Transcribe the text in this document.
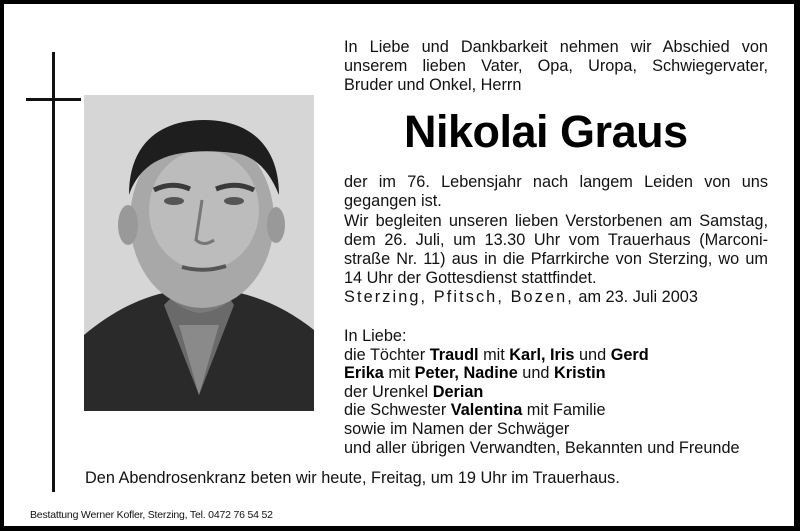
In Liebe und Dankbarkeit nehmen wir Abschied von
unserem lieben Vater, Opa, Uropa, Schwiegervater,
Bruder und Onkel, Herrn
Nikolai Graus
der im 76. Lebensjahr nach langem Leiden von uns
gegangen ist.
Wir begleiten unseren lieben Verstorbenen am Samstag,
dem 26. Juli, um 13.30 Uhr vom Trauerhaus (Marconi-
straße Nr. 11) aus in die Pfarrkirche von Sterzing, wo um
14 Uhr der Gottesdienst stattfindet.
Sterzing, Pfitsch, Bozen, am 23. Juli 2003
In Liebe:
die Töchter Traudl mit Karl, Iris und Gerd
Erika mit Peter, Nadine und Kristin
der Urenkel Derian
die Schwester Valentina mit Familie
sowie im Namen der Schwäger
und aller übrigen Verwandten, Bekannten und Freunde
Den Abendrosenkranz beten wir heute, Freitag, um 19 Uhr im Trauerhaus.
Bestattung Werner Kofler, Sterzing, Tel. 0472 76 54 52
